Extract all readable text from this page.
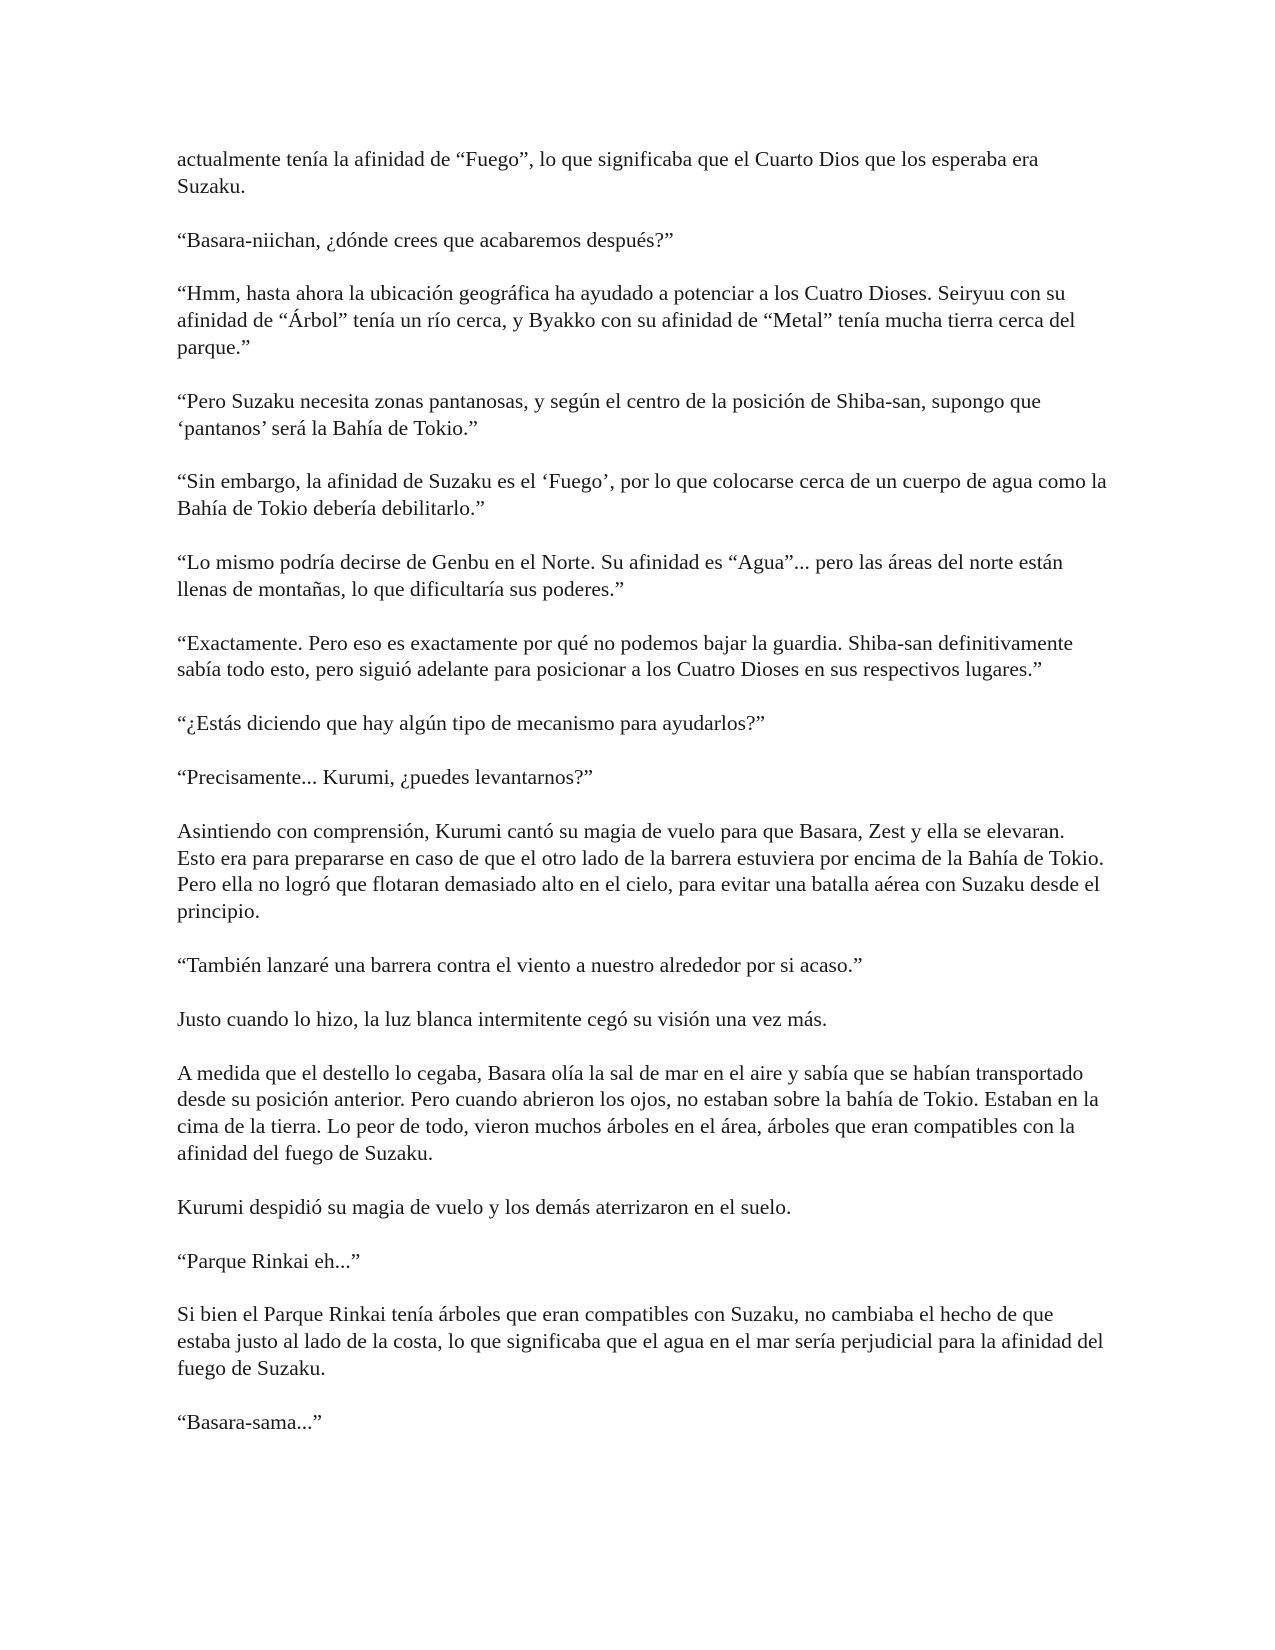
actualmente tenía la afinidad de “Fuego”, lo que significaba que el Cuarto Dios que los esperaba era Suzaku.

“Basara-niichan, ¿dónde crees que acabaremos después?”

“Hmm, hasta ahora la ubicación geográfica ha ayudado a potenciar a los Cuatro Dioses. Seiryuu con su afinidad de “Árbol” tenía un río cerca, y Byakko con su afinidad de “Metal” tenía mucha tierra cerca del parque.”

“Pero Suzaku necesita zonas pantanosas, y según el centro de la posición de Shiba-san, supongo que ‘pantanos’ será la Bahía de Tokio.”

“Sin embargo, la afinidad de Suzaku es el ‘Fuego’, por lo que colocarse cerca de un cuerpo de agua como la Bahía de Tokio debería debilitarlo.”

“Lo mismo podría decirse de Genbu en el Norte. Su afinidad es “Agua”... pero las áreas del norte están llenas de montañas, lo que dificultaría sus poderes.”

“Exactamente. Pero eso es exactamente por qué no podemos bajar la guardia. Shiba-san definitivamente sabía todo esto, pero siguió adelante para posicionar a los Cuatro Dioses en sus respectivos lugares.”

“¿Estás diciendo que hay algún tipo de mecanismo para ayudarlos?”

“Precisamente... Kurumi, ¿puedes levantarnos?”

Asintiendo con comprensión, Kurumi cantó su magia de vuelo para que Basara, Zest y ella se elevaran. Esto era para prepararse en caso de que el otro lado de la barrera estuviera por encima de la Bahía de Tokio. Pero ella no logró que flotaran demasiado alto en el cielo, para evitar una batalla aérea con Suzaku desde el principio.

“También lanzaré una barrera contra el viento a nuestro alrededor por si acaso.”

Justo cuando lo hizo, la luz blanca intermitente cegó su visión una vez más.

A medida que el destello lo cegaba, Basara olía la sal de mar en el aire y sabía que se habían transportado desde su posición anterior. Pero cuando abrieron los ojos, no estaban sobre la bahía de Tokio. Estaban en la cima de la tierra. Lo peor de todo, vieron muchos árboles en el área, árboles que eran compatibles con la afinidad del fuego de Suzaku.

Kurumi despidió su magia de vuelo y los demás aterrizaron en el suelo.

“Parque Rinkai eh...”

Si bien el Parque Rinkai tenía árboles que eran compatibles con Suzaku, no cambiaba el hecho de que estaba justo al lado de la costa, lo que significaba que el agua en el mar sería perjudicial para la afinidad del fuego de Suzaku.

“Basara-sama...”
